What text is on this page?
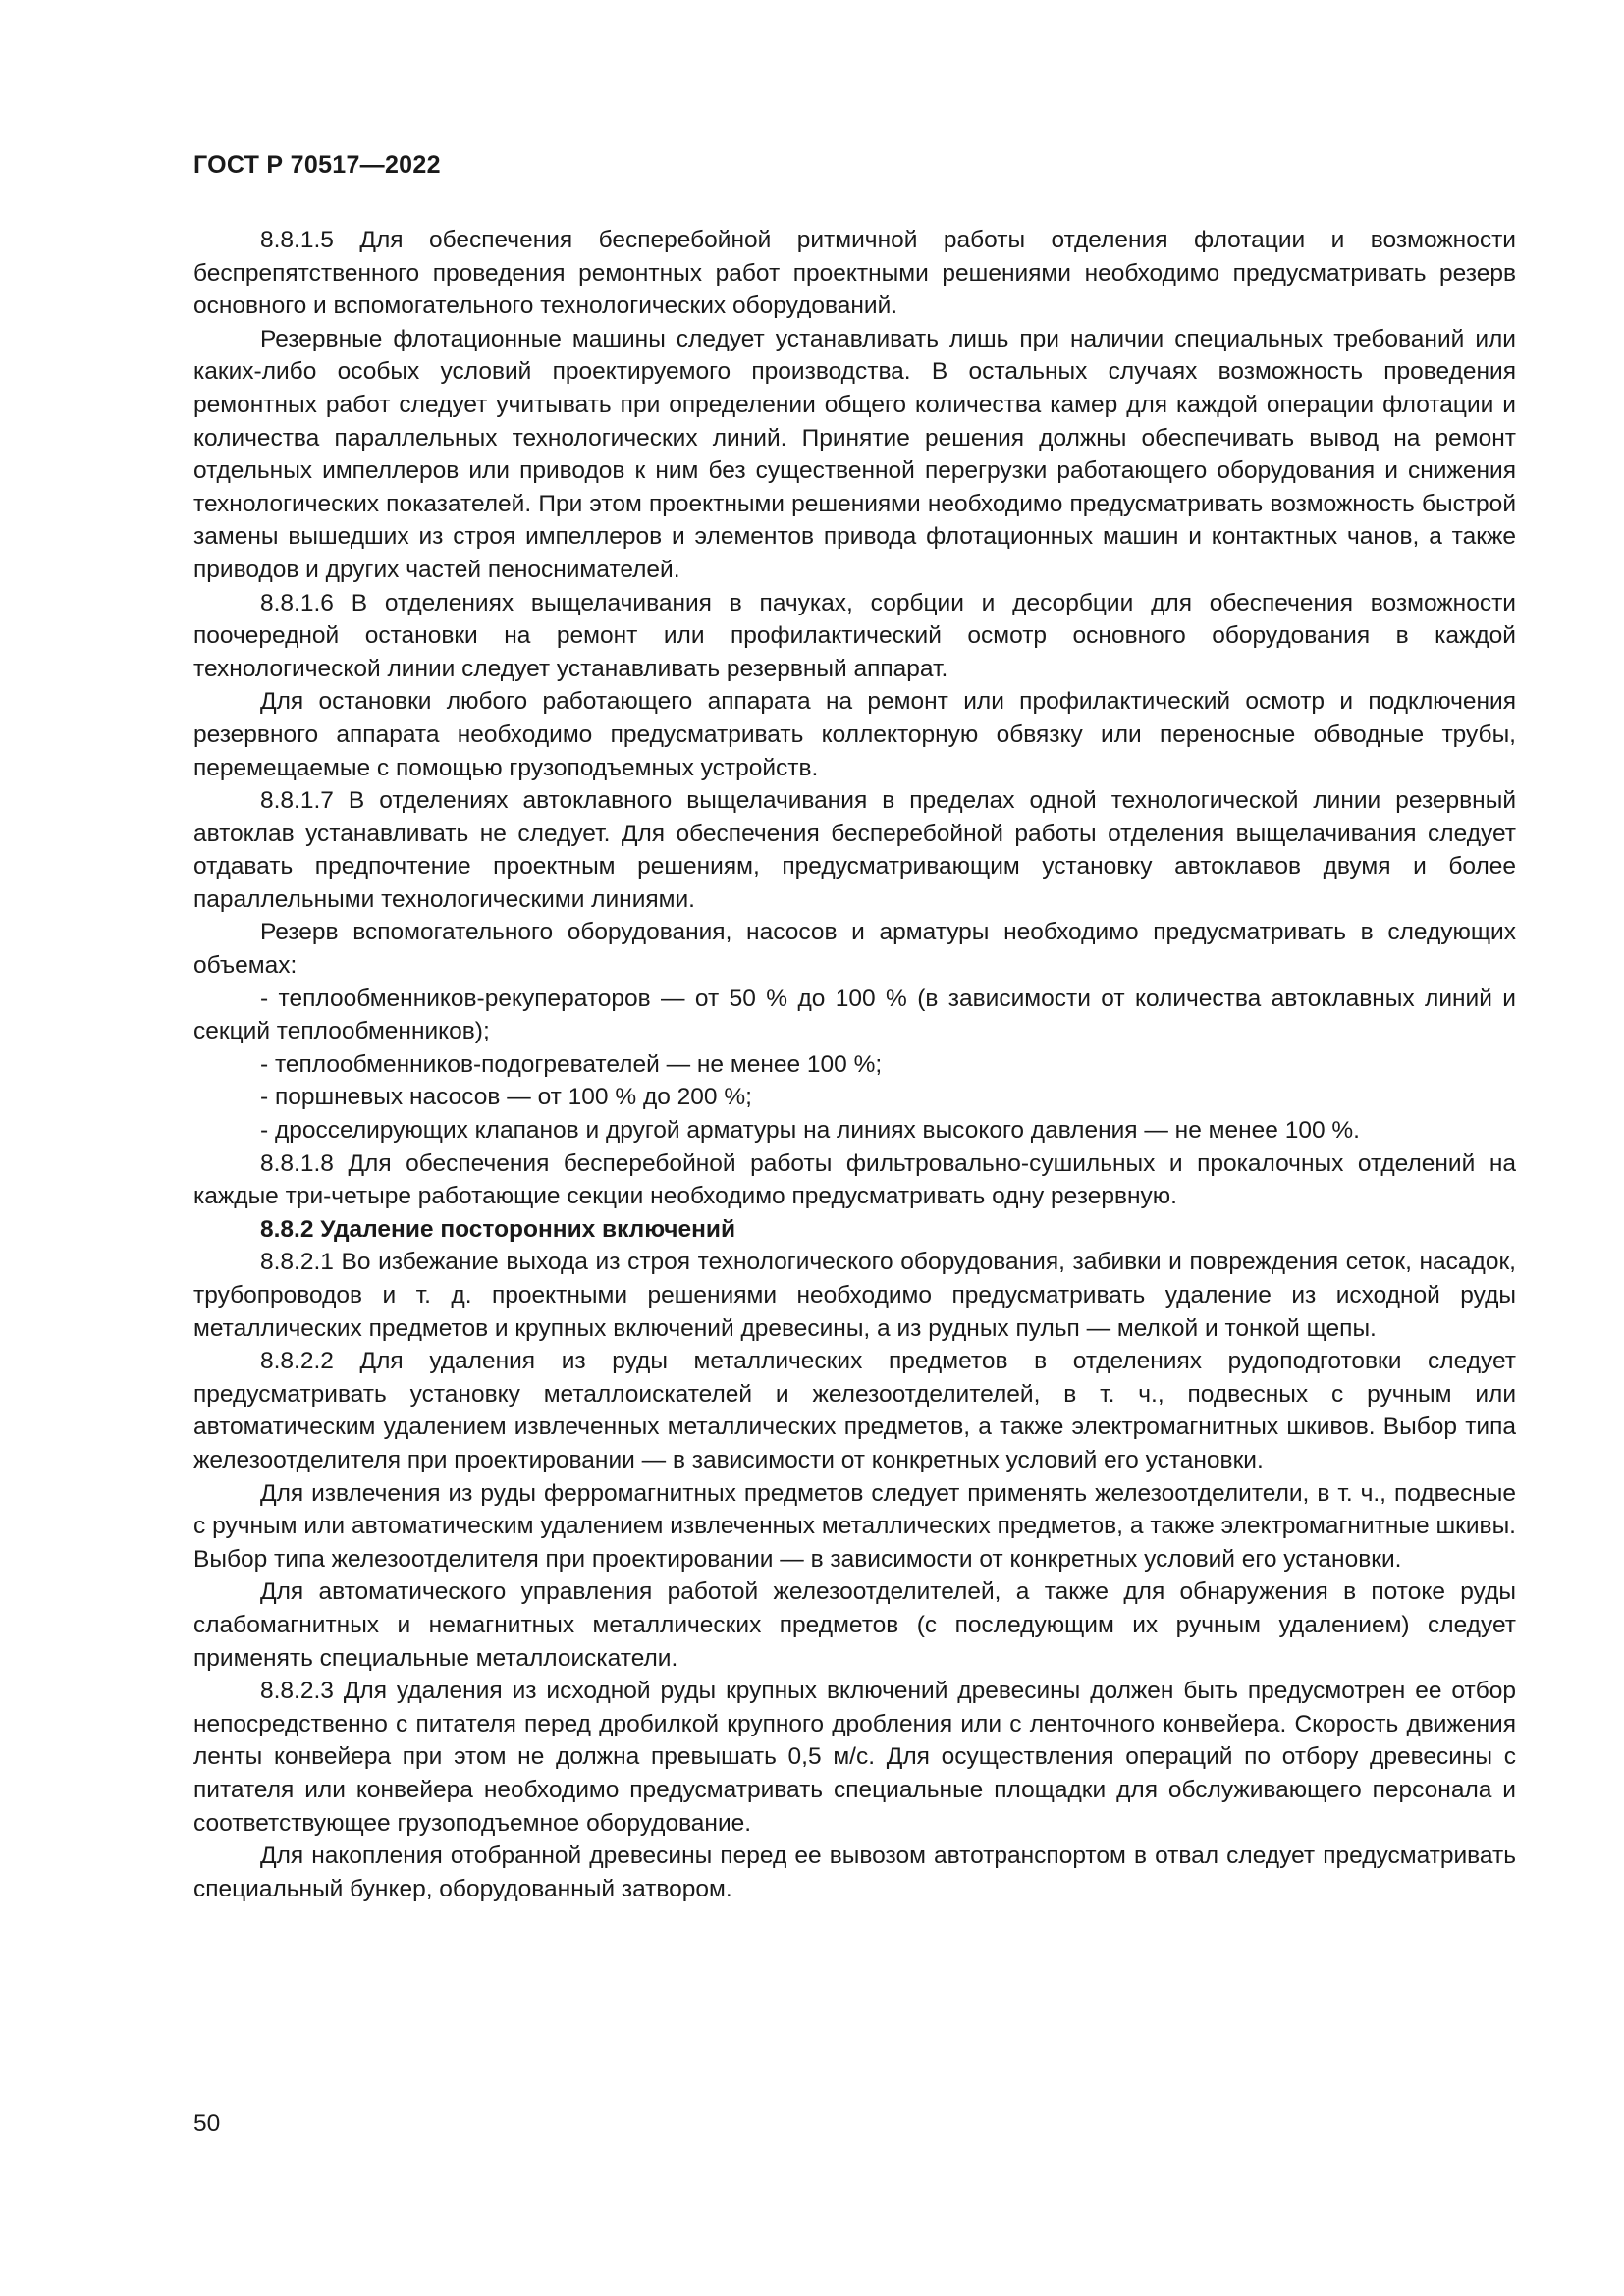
ГОСТ Р 70517—2022

8.8.1.5 Для обеспечения бесперебойной ритмичной работы отделения флотации и возможности беспрепятственного проведения ремонтных работ проектными решениями необходимо предусматривать резерв основного и вспомогательного технологических оборудований.

Резервные флотационные машины следует устанавливать лишь при наличии специальных требований или каких-либо особых условий проектируемого производства. В остальных случаях возможность проведения ремонтных работ следует учитывать при определении общего количества камер для каждой операции флотации и количества параллельных технологических линий. Принятие решения должны обеспечивать вывод на ремонт отдельных импеллеров или приводов к ним без существенной перегрузки работающего оборудования и снижения технологических показателей. При этом проектными решениями необходимо предусматривать возможность быстрой замены вышедших из строя импеллеров и элементов привода флотационных машин и контактных чанов, а также приводов и других частей пеноснимателей.

8.8.1.6 В отделениях выщелачивания в пачуках, сорбции и десорбции для обеспечения возможности поочередной остановки на ремонт или профилактический осмотр основного оборудования в каждой технологической линии следует устанавливать резервный аппарат.

Для остановки любого работающего аппарата на ремонт или профилактический осмотр и подключения резервного аппарата необходимо предусматривать коллекторную обвязку или переносные обводные трубы, перемещаемые с помощью грузоподъемных устройств.

8.8.1.7 В отделениях автоклавного выщелачивания в пределах одной технологической линии резервный автоклав устанавливать не следует. Для обеспечения бесперебойной работы отделения выщелачивания следует отдавать предпочтение проектным решениям, предусматривающим установку автоклавов двумя и более параллельными технологическими линиями.

Резерв вспомогательного оборудования, насосов и арматуры необходимо предусматривать в следующих объемах:

- теплообменников-рекуператоров — от 50 % до 100 % (в зависимости от количества автоклавных линий и секций теплообменников);

- теплообменников-подогревателей — не менее 100 %;

- поршневых насосов — от 100 % до 200 %;

- дросселирующих клапанов и другой арматуры на линиях высокого давления — не менее 100 %.

8.8.1.8 Для обеспечения бесперебойной работы фильтровально-сушильных и прокалочных отделений на каждые три-четыре работающие секции необходимо предусматривать одну резервную.

8.8.2 Удаление посторонних включений

8.8.2.1 Во избежание выхода из строя технологического оборудования, забивки и повреждения сеток, насадок, трубопроводов и т. д. проектными решениями необходимо предусматривать удаление из исходной руды металлических предметов и крупных включений древесины, а из рудных пульп — мелкой и тонкой щепы.

8.8.2.2 Для удаления из руды металлических предметов в отделениях рудоподготовки следует предусматривать установку металлоискателей и железоотделителей, в т. ч., подвесных с ручным или автоматическим удалением извлеченных металлических предметов, а также электромагнитных шкивов. Выбор типа железоотделителя при проектировании — в зависимости от конкретных условий его установки.

Для извлечения из руды ферромагнитных предметов следует применять железоотделители, в т. ч., подвесные с ручным или автоматическим удалением извлеченных металлических предметов, а также электромагнитные шкивы. Выбор типа железоотделителя при проектировании — в зависимости от конкретных условий его установки.

Для автоматического управления работой железоотделителей, а также для обнаружения в потоке руды слабомагнитных и немагнитных металлических предметов (с последующим их ручным удалением) следует применять специальные металлоискатели.

8.8.2.3 Для удаления из исходной руды крупных включений древесины должен быть предусмотрен ее отбор непосредственно с питателя перед дробилкой крупного дробления или с ленточного конвейера. Скорость движения ленты конвейера при этом не должна превышать 0,5 м/с. Для осуществления операций по отбору древесины с питателя или конвейера необходимо предусматривать специальные площадки для обслуживающего персонала и соответствующее грузоподъемное оборудование.

Для накопления отобранной древесины перед ее вывозом автотранспортом в отвал следует предусматривать специальный бункер, оборудованный затвором.

50
